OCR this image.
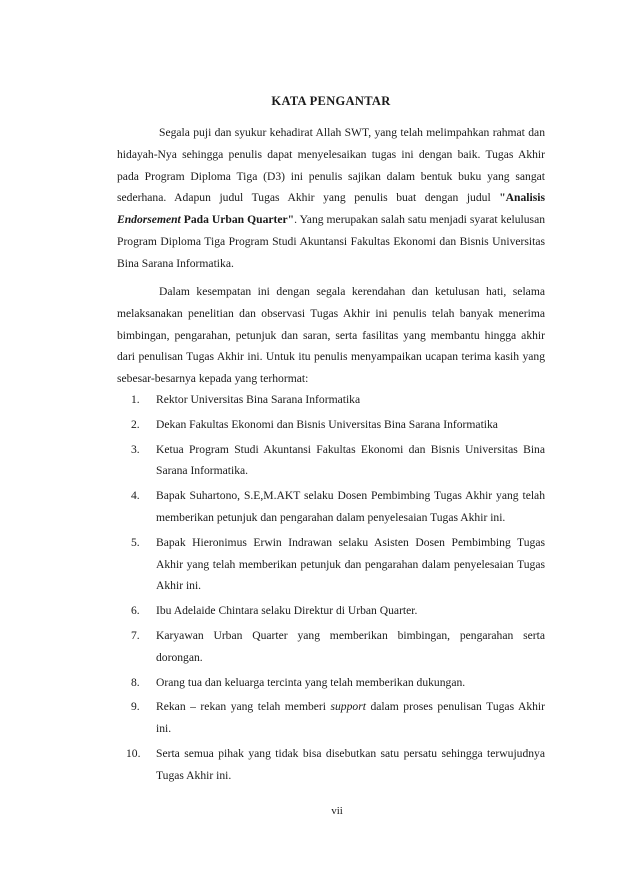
KATA PENGANTAR

Segala puji dan syukur kehadirat Allah SWT, yang telah melimpahkan rahmat dan hidayah-Nya sehingga penulis dapat menyelesaikan tugas ini dengan baik. Tugas Akhir pada Program Diploma Tiga (D3) ini penulis sajikan dalam bentuk buku yang sangat sederhana. Adapun judul Tugas Akhir yang penulis buat dengan judul "Analisis Endorsement Pada Urban Quarter". Yang merupakan salah satu menjadi syarat kelulusan Program Diploma Tiga Program Studi Akuntansi Fakultas Ekonomi dan Bisnis Universitas Bina Sarana Informatika.

Dalam kesempatan ini dengan segala kerendahan dan ketulusan hati, selama melaksanakan penelitian dan observasi Tugas Akhir ini penulis telah banyak menerima bimbingan, pengarahan, petunjuk dan saran, serta fasilitas yang membantu hingga akhir dari penulisan Tugas Akhir ini. Untuk itu penulis menyampaikan ucapan terima kasih yang sebesar-besarnya kepada yang terhormat:

1.	Rektor Universitas Bina Sarana Informatika
2.	Dekan Fakultas Ekonomi dan Bisnis Universitas Bina Sarana Informatika
3.	Ketua Program Studi Akuntansi Fakultas Ekonomi dan Bisnis Universitas Bina Sarana Informatika.
4.	Bapak Suhartono, S.E,M.AKT selaku Dosen Pembimbing Tugas Akhir yang telah memberikan petunjuk dan pengarahan dalam penyelesaian Tugas Akhir ini.
5.	Bapak Hieronimus Erwin Indrawan selaku Asisten Dosen Pembimbing Tugas Akhir yang telah memberikan petunjuk dan pengarahan dalam penyelesaian Tugas Akhir ini.
6.	Ibu Adelaide Chintara selaku Direktur di Urban Quarter.
7.	Karyawan Urban Quarter yang memberikan bimbingan, pengarahan serta dorongan.
8.	Orang tua dan keluarga tercinta yang telah memberikan dukungan.
9.	Rekan – rekan yang telah memberi support dalam proses penulisan Tugas Akhir ini.
10.	Serta semua pihak yang tidak bisa disebutkan satu persatu sehingga terwujudnya Tugas Akhir ini.

vii
